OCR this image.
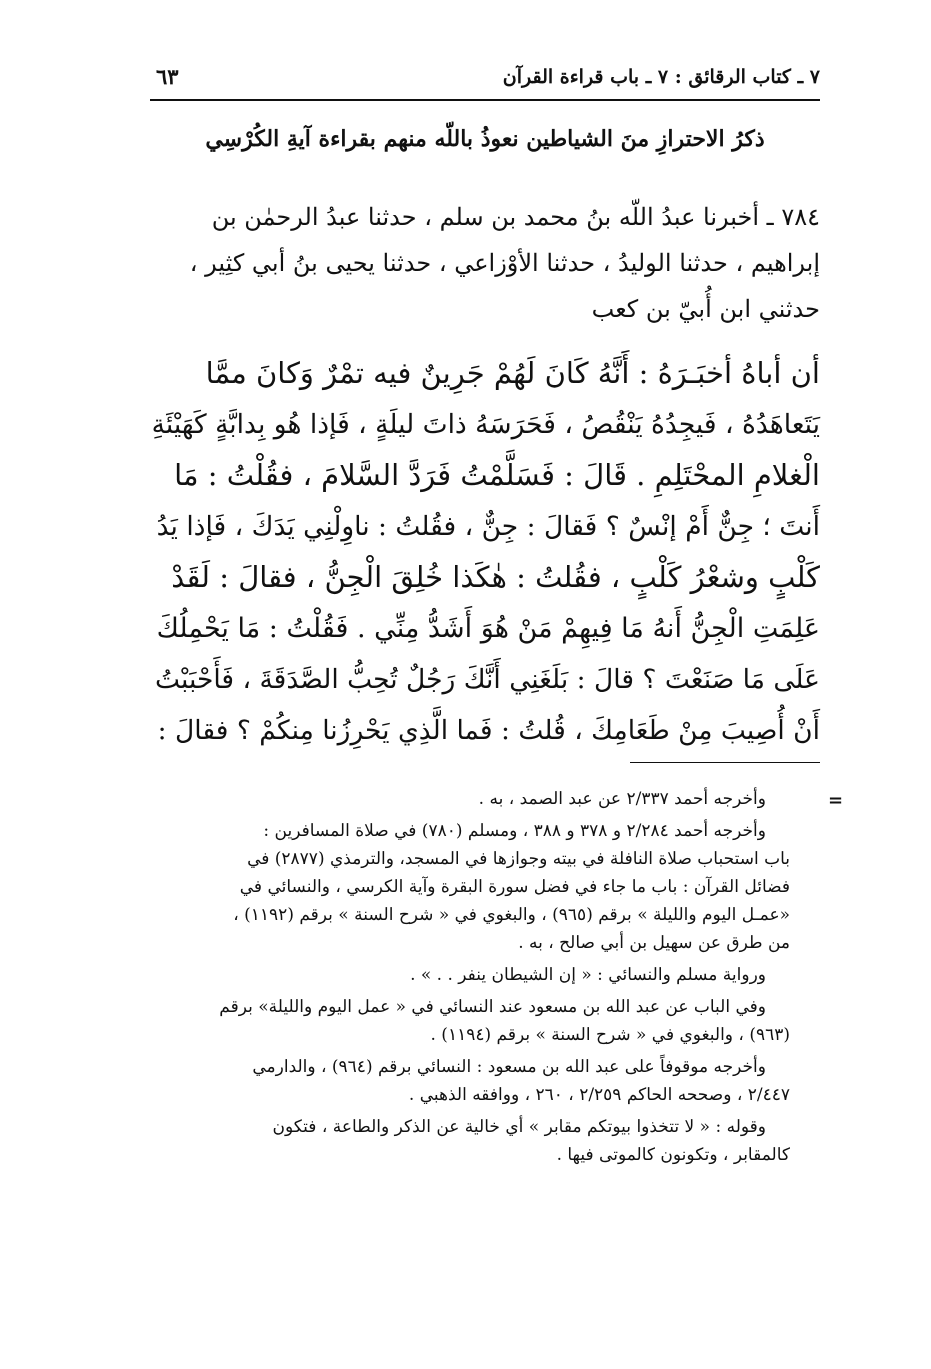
٧ ـ كتاب الرقائق : ٧ ـ باب قراءة القرآن
٦٣
ذكرُ الاحترازِ منَ الشياطين نعوذُ باللّه منهم بقراءة آيةِ الكُرْسِي
٧٨٤ ـ أخبرنا عبدُ اللّه بنُ محمد بن سلم ، حدثنا عبدُ الرحمٰن بن
إبراهيم ، حدثنا الوليدُ ، حدثنا الأوْزاعي ، حدثنا يحيى بنُ أبي كثِير ،
حدثني ابن أُبيّ بن كعب
أن أباهُ أخبَـرَهُ : أَنَّهُ كَانَ لَهُمْ جَرِينٌ فيه تمْرٌ وَكانَ ممَّا
يَتَعاهَدُهُ ، فَيجِدُهُ يَنْقُصُ ، فَحَرَسَهُ ذاتَ ليلَةٍ ، فَإذا هُو بِدابَّةٍ كَهَيْئَةِ
الْغلامِ المحْتَلِمِ . قَالَ : فَسَلَّمْتُ فَرَدَّ السَّلامَ ، فقُلْتُ : مَا
أَنتَ ؛ جِنٌّ أَمْ إنْسٌ ؟ فَقالَ : جِنٌّ ، فقُلتُ : ناوِلْنِي يَدَكَ ، فَإذا يَدُ
كَلْبٍ وشعْرُ كَلْبٍ ، فقُلتُ : هٰكَذا خُلِقَ الْجِنُّ ، فقالَ : لَقَدْ
عَلِمَتِ الْجِنُّ أَنهُ مَا فِيهِمْ مَنْ هُوَ أَشَدُّ مِنِّي . فَقُلْتُ : مَا يَحْمِلُكَ
عَلَى مَا صَنَعْتَ ؟ قالَ : بَلَغَنِي أَنَّكَ رَجُلٌ تُحِبُّ الصَّدَقَةَ ، فَأَحْبَبْتُ
أَنْ أُصِيبَ مِنْ طَعَامِكَ ، قُلتُ : فَما الَّذِي يَحْرِزُنا مِنكُمْ ؟ فقالَ :
=
وأخرجه أحمد ٢/٣٣٧ عن عبد الصمد ، به .
وأخرجه أحمد ٢/٢٨٤ و ٣٧٨ و ٣٨٨ ، ومسلم (٧٨٠) في صلاة المسافرين :
باب استحباب صلاة النافلة في بيته وجوازها في المسجد، والترمذي (٢٨٧٧) في
فضائل القرآن : باب ما جاء في فضل سورة البقرة وآية الكرسي ، والنسائي في
«عمـل اليوم والليلة » برقم (٩٦٥) ، والبغوي في « شرح السنة » برقم (١١٩٢) ،
من طرق عن سهيل بن أبي صالح ، به .
ورواية مسلم والنسائي : « إن الشيطان ينفر . . » .
وفي الباب عن عبد الله بن مسعود عند النسائي في « عمل اليوم والليلة» برقم
(٩٦٣) ، والبغوي في « شرح السنة » برقم (١١٩٤) .
وأخرجه موقوفاً على عبد الله بن مسعود : النسائي برقم (٩٦٤) ، والدارمي
٢/٤٤٧ ، وصححه الحاكم ٢/٢٥٩ ، ٢٦٠ ، ووافقه الذهبي .
وقوله : « لا تتخذوا بيوتكم مقابر » أي خالية عن الذكر والطاعة ، فتكون
كالمقابر ، وتكونون كالموتى فيها .
